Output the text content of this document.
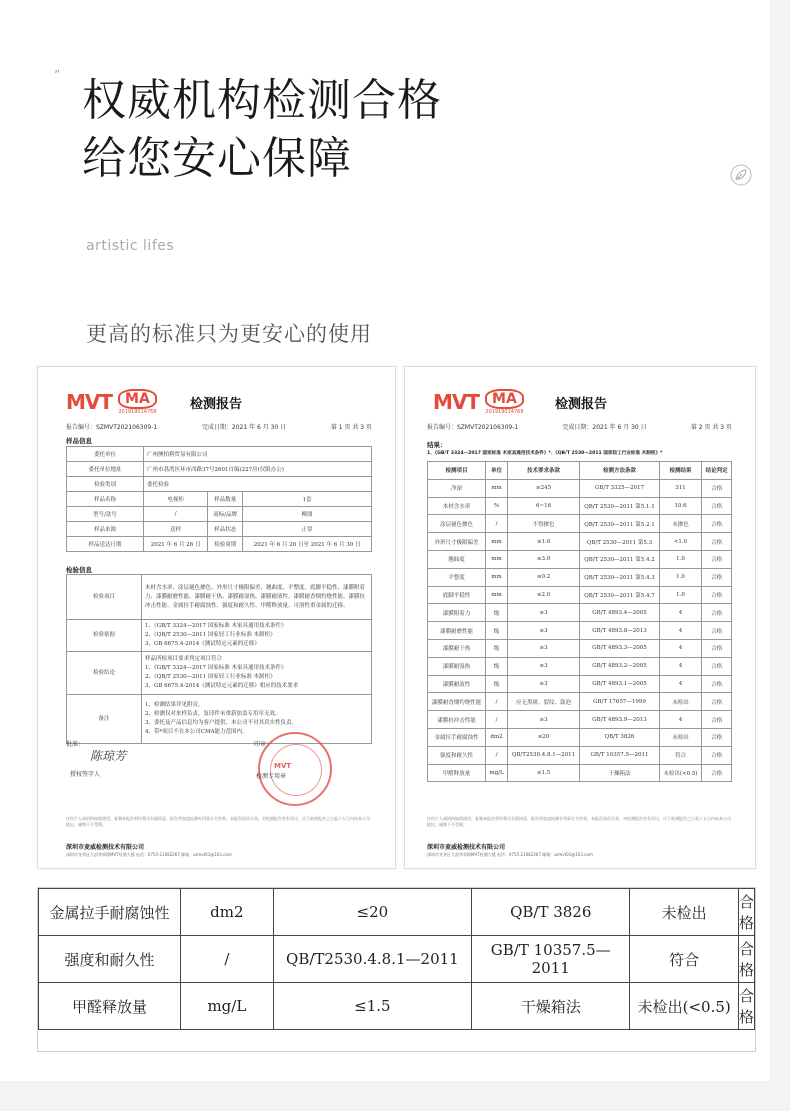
” 权威机构检测合格
给您安心保障
artistic lifes
更高的标准只为更安心的使用
MVT MA
201919014768	检测报告
报告编号：SZMVT202106309-1	完成日期：2021 年 6 月 30 日	第 1 页 共 3 页
样品信息
委托单位	广州澳柏利贸易有限公司		
委托单位地址	广州市荔湾区环市西路37号2601自编(227房(仅限办公)		
检验类别	委托检验		
样品名称	电视柜	样品数量	1套
型号/款号	/	商标/品牌	柳图
样品来源	送样	样品状态	正常
样品送达日期	2021 年 6 月 26 日	检验周期	2021 年 6 月 26 日至 2021 年 6 月 30 日
检验信息
检验项目	木材含水率、涂层褪色掺色、外形尺寸极限偏差、翘曲度、平整度、底脚平稳性、漆膜附着力、漆膜耐磨性能、漆膜耐干热、漆膜耐湿热、漆膜耐液性、漆膜耐香烟灼烧性能、漆膜抗冲击性能、金属拉手耐腐蚀性、强度和耐久性、甲醛释放量、可溶性重金属的迁移。
检验依据	1、《GB/T 3324—2017 国家标准 木家具通用技术条件》
2、《QB/T 2530—2011 国家轻工行业标准 木制柜》
3、GB 6675.4-2014《测试特定元素的迁移》
检验结论	样品所检项目要求判定项目符合
1、《GB/T 3324—2017 国家标准 木家具通用技术条件》
2、《QB/T 2530—2011 国家轻工行业标准 木制柜》
3、GB 6675.4-2014《测试特定元素的迁移》相应的技术要求
备注	1、检测结果详见附页。
2、检测仅对来样负责，复印件未重新加盖专用章无效。
3、委托及产品信息均为客户提供，本公司不对其真实性负责。
4、带*项目不在本公司CMA能力范围内。
批准：
陈琼芳
授权签字人
印章：
MVT
检测专用章
任何个人或机构如需使用、复制本报告须经我司书面同意，报告须加盖检测专用章方为有效。本报告涂改无效，对检测报告若有异议，应于收到报告之日起十五日内向本公司提出，逾期不予受理。
深圳市麦威检测技术有限公司
深圳市龙华区大浪华荣路MVT检测大楼 电话：0755-21082267 邮箱：szmvt01@163.com
MVT MA
201919014768 检测报告
报告编号：SZMVT202106309-1	完成日期：2021 年 6 月 30 日	第 2 页 共 3 页
结果：
1、《GB/T 3324—2017 国家标准 木家具通用技术条件》*、《QB/T 2530—2011 国家轻工行业标准 木制柜》*
检测项目	单位	技术要求条款	检测方法条款	检测结果	结论判定
净深	mm	≥245	GB/T 3325—2017	311	合格
木材含水率	%	6~16	QB/T 2530—2011 第5.1.1	10.6	合格
涂层褪色掺色	/	不得掺色	QB/T 2530—2011 第5.2.1	未掺色	合格
外形尺寸极限偏差	mm	≤1.0	QB/T 2530—2011 第5.3	<1.0	合格
翘曲度	mm	≤3.0	QB/T 2530—2011 第5.4.2	1.0	合格
平整度	mm	≤0.2	QB/T 2530—2011 第5.4.3	1.0	合格
底脚平稳性	mm	≤2.0	QB/T 2530—2011 第5.4.7	1.0	合格
漆膜附着力	级	≥3	GB/T 4893.4—2005	4	合格
漆膜耐磨性能	级	≥3	GB/T 4893.8—2013	4	合格
漆膜耐干热	级	≥3	GB/T 4893.3—2005	4	合格
漆膜耐湿热	级	≥3	GB/T 4893.2—2005	4	合格
漆膜耐液性	级	≥3	GB/T 4893.1—2005	4	合格
漆膜耐香烟灼烧性能	/	应无黑斑、裂纹、鼓泡	GB/T 17657—1999	未检出	合格
漆膜抗冲击性能	/	≥3	GB/T 4893.9—2013	4	合格
金属拉手耐腐蚀性	dm2	≤20	QB/T 3826	未检出	合格
强度和耐久性	/	QB/T2530.4.8.1—2011	GB/T 10357.5—2011	符合	合格
甲醛释放量	mg/L	≤1.5	干燥箱法	未检出(<0.5)	合格
任何个人或机构如需使用、复制本报告须经我司书面同意，报告须加盖检测专用章方为有效。本报告涂改无效，对检测报告若有异议，应于收到报告之日起十五日内向本公司提出，逾期不予受理。
深圳市麦威检测技术有限公司
深圳市龙华区大浪华荣路MVT检测大楼 电话：0755-21082267 邮箱：szmvt01@163.com
金属拉手耐腐蚀性	dm2	≤20	QB/T 3826	未检出	合格
强度和耐久性	/	QB/T2530.4.8.1—2011	GB/T 10357.5—2011	符合	合格
甲醛释放量	mg/L	≤1.5	干燥箱法	未检出(<0.5)	合格
